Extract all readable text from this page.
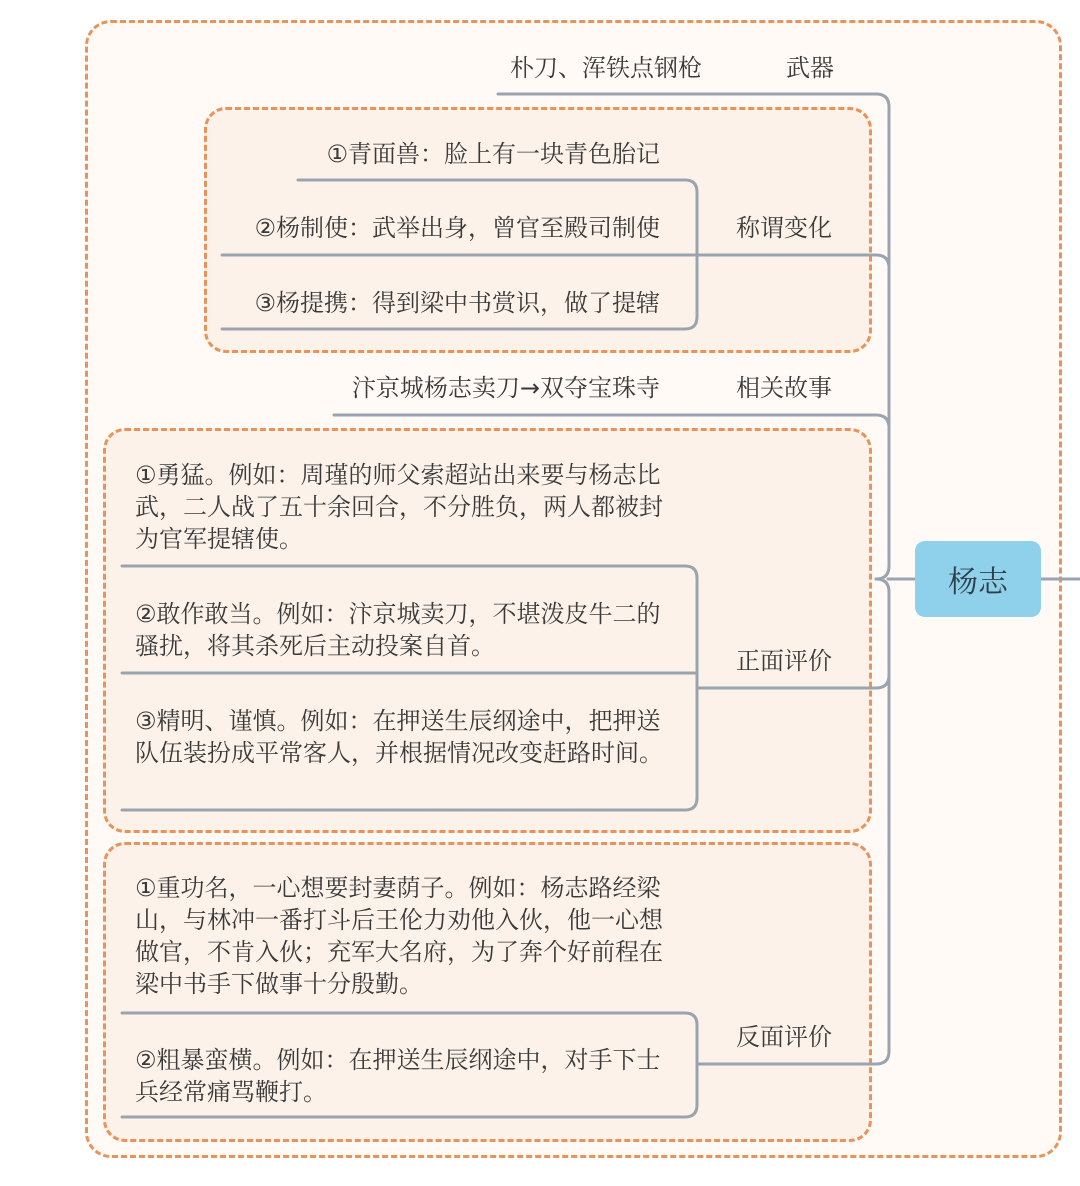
杨志
武器
朴刀、浑铁点钢枪
称谓变化
①青面兽：脸上有一块青色胎记
②杨制使：武举出身，曾官至殿司制使
③杨提携：得到梁中书赏识，做了提辖
相关故事
汴京城杨志卖刀→双夺宝珠寺
正面评价
①勇猛。例如：周瑾的师父索超站出来要与杨志比武，二人战了五十余回合，不分胜负，两人都被封为官军提辖使。
②敢作敢当。例如：汴京城卖刀，不堪泼皮牛二的骚扰，将其杀死后主动投案自首。
③精明、谨慎。例如：在押送生辰纲途中，把押送队伍装扮成平常客人，并根据情况改变赶路时间。
反面评价
①重功名，一心想要封妻荫子。例如：杨志路经梁山，与林冲一番打斗后王伦力劝他入伙，他一心想做官，不肯入伙；充军大名府，为了奔个好前程在梁中书手下做事十分殷勤。
②粗暴蛮横。例如：在押送生辰纲途中，对手下士兵经常痛骂鞭打。
